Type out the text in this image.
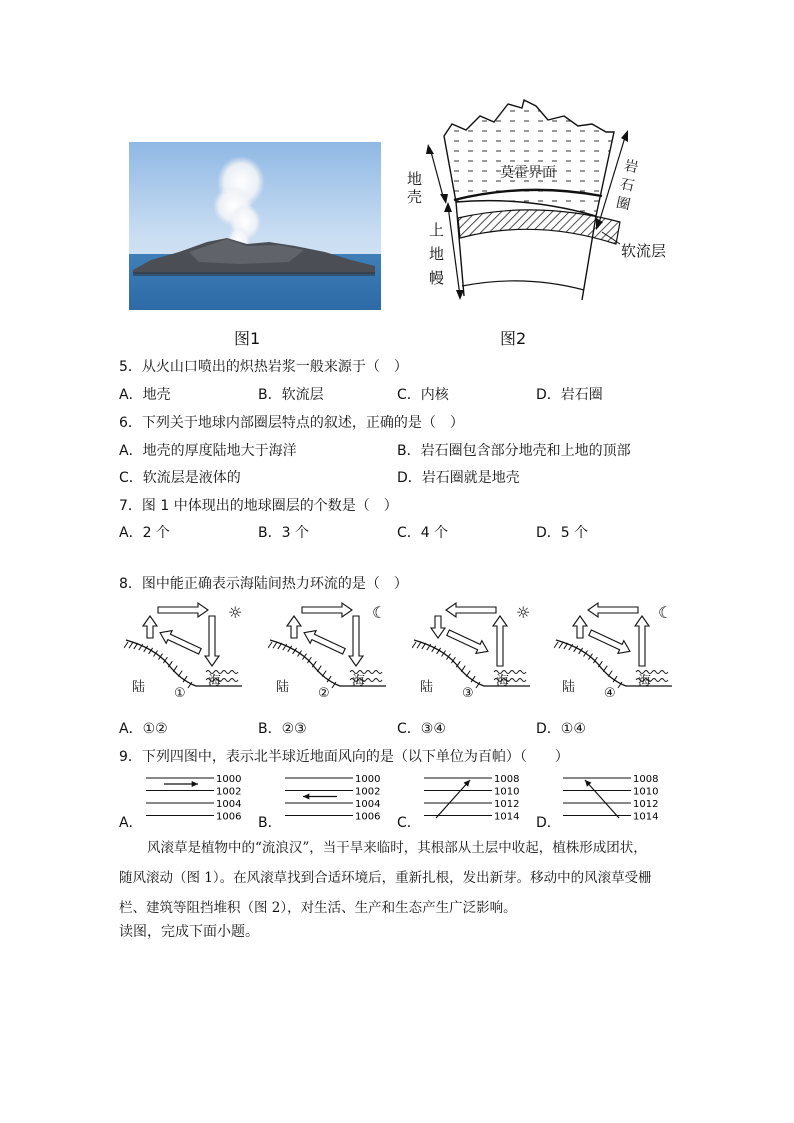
图1
地壳
莫霍界面
上地幔
岩石圈
软流层
图2
5．从火山口喷出的炽热岩浆一般来源于（　）
A．地壳	B．软流层	C．内核	D．岩石圈
6．下列关于地球内部圈层特点的叙述，正确的是（　）
A．地壳的厚度陆地大于海洋	B．岩石圈包含部分地壳和上地的顶部
C．软流层是液体的	D．岩石圈就是地壳
7．图 1 中体现出的地球圈层的个数是（　）
A．2 个	B．3 个	C．4 个	D．5 个
8．图中能正确表示海陆间热力环流的是（　）
☼
陆 ①
海
☾
陆 ②
海
☼
陆 ③
海
☾
陆 ④
海
A．①②	B．②③	C．③④	D．①④
9．下列四图中，表示北半球近地面风向的是（以下单位为百帕）（　　）
A．
1000
1002
1004
1006 B．
1000
1002
1004
1006 C．
1008
1010
1012
1014 D．
1008
1010
1012
1014
风滚草是植物中的“流浪汉”，当干旱来临时，其根部从土层中收起，植株形成团状，
随风滚动（图 1）。在风滚草找到合适环境后，重新扎根，发出新芽。移动中的风滚草受栅
栏、建筑等阻挡堆积（图 2），对生活、生产和生态产生广泛影响。
读图，完成下面小题。
